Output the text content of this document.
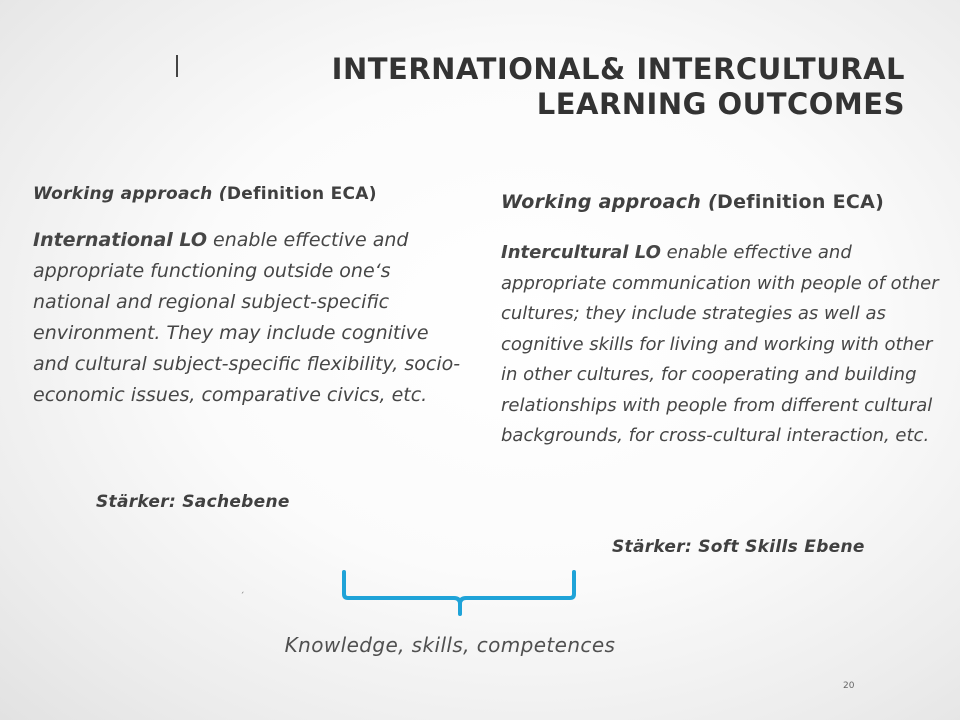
INTERNATIONAL& INTERCULTURAL
LEARNING OUTCOMES

Working approach (Definition ECA)

International LO enable effective and appropriate functioning outside one‘s national and regional subject-specific environment. They may include cognitive and cultural subject-specific flexibility, socio-economic issues, comparative civics, etc.

Stärker: Sachebene

Working approach (Definition ECA)

Intercultural LO enable effective and appropriate communication with people of other cultures; they include strategies as well as cognitive skills for living and working with other in other cultures, for cooperating and building relationships with people from different cultural backgrounds, for cross-cultural interaction, etc.

Stärker: Soft Skills Ebene
´
Knowledge, skills, competences
20
